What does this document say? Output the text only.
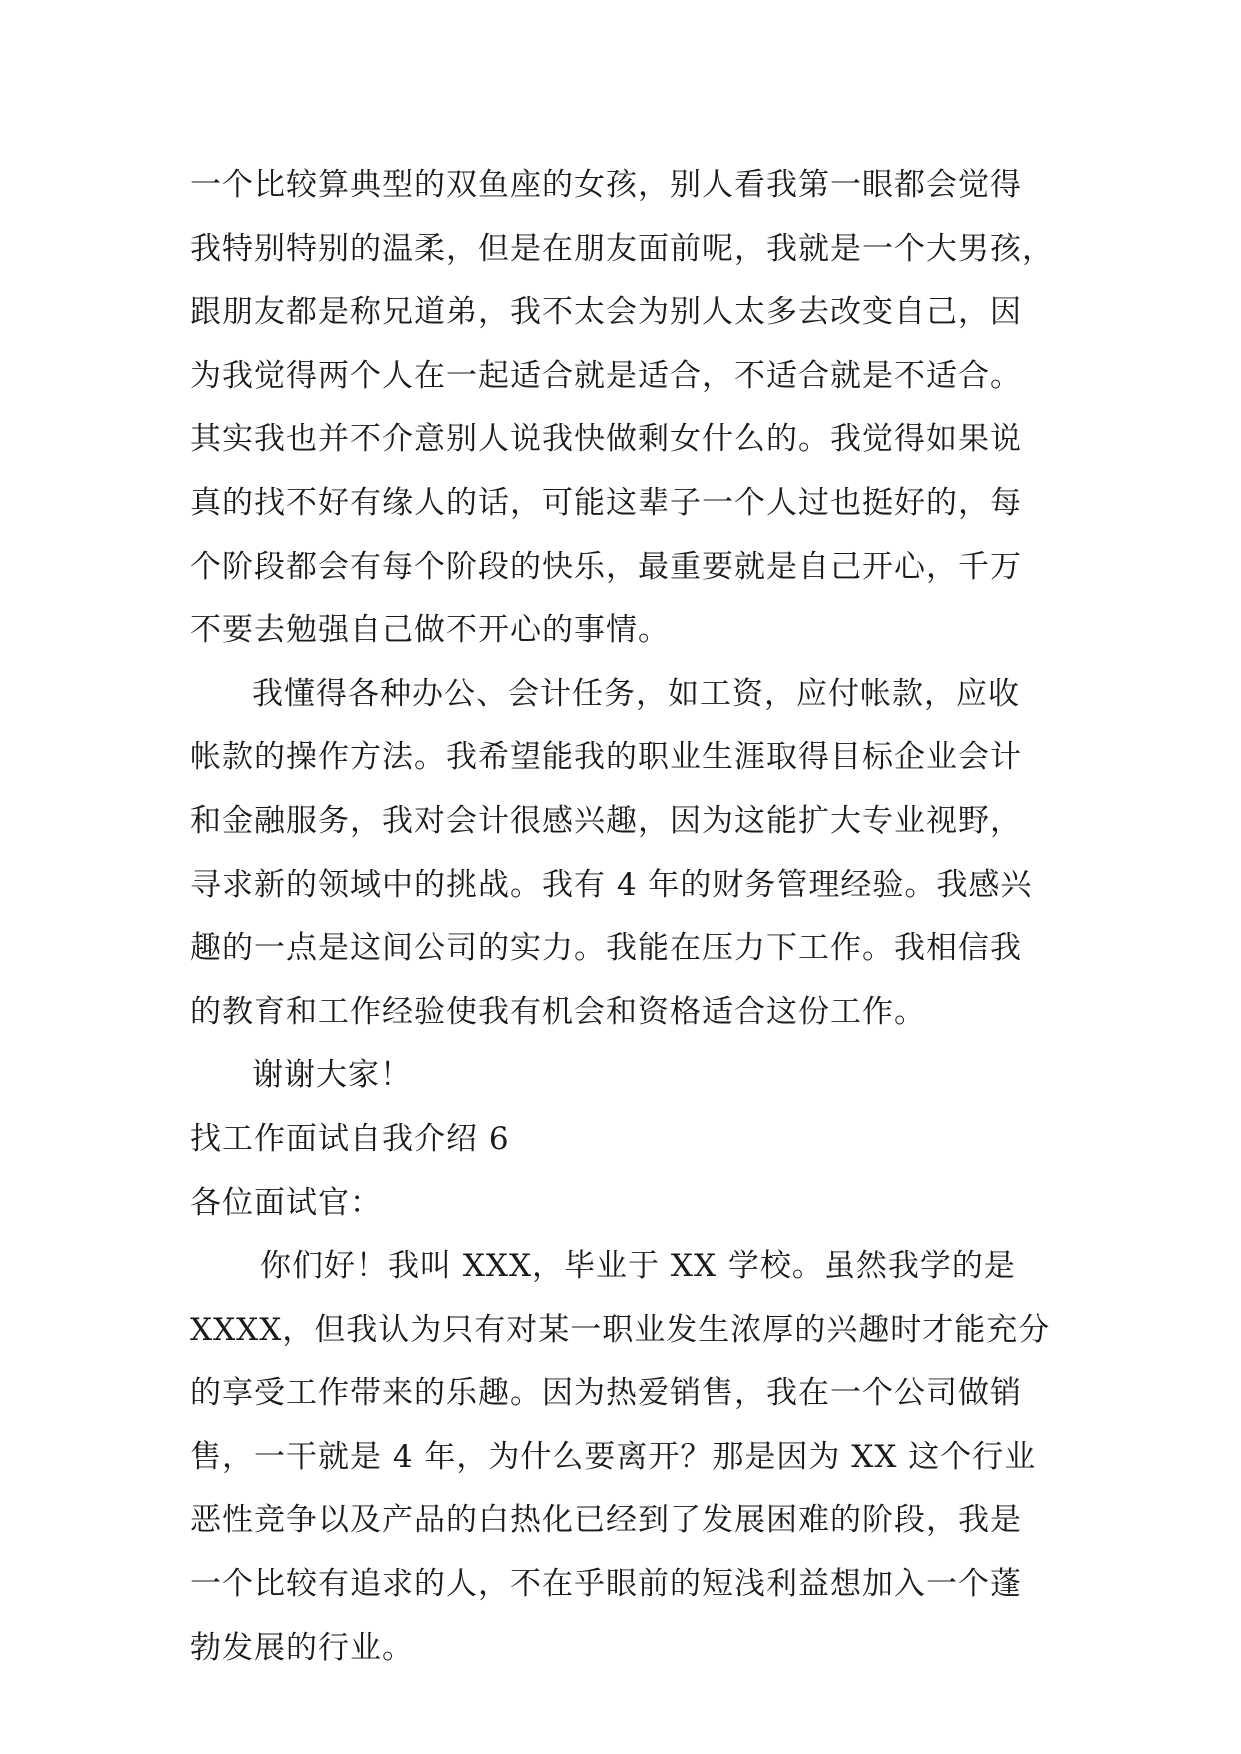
一个比较算典型的双鱼座的女孩，别人看我第一眼都会觉得
我特别特别的温柔，但是在朋友面前呢，我就是一个大男孩，
跟朋友都是称兄道弟，我不太会为别人太多去改变自己，因
为我觉得两个人在一起适合就是适合，不适合就是不适合。
其实我也并不介意别人说我快做剩女什么的。我觉得如果说
真的找不好有缘人的话，可能这辈子一个人过也挺好的，每
个阶段都会有每个阶段的快乐，最重要就是自己开心，千万
不要去勉强自己做不开心的事情。
我懂得各种办公、会计任务，如工资，应付帐款，应收
帐款的操作方法。我希望能我的职业生涯取得目标企业会计
和金融服务，我对会计很感兴趣，因为这能扩大专业视野，
寻求新的领域中的挑战。我有 4 年的财务管理经验。我感兴
趣的一点是这间公司的实力。我能在压力下工作。我相信我
的教育和工作经验使我有机会和资格适合这份工作。
谢谢大家！
找工作面试自我介绍 6
各位面试官：
你们好！我叫 XXX，毕业于 XX 学校。虽然我学的是
XXXX，但我认为只有对某一职业发生浓厚的兴趣时才能充分
的享受工作带来的乐趣。因为热爱销售，我在一个公司做销
售，一干就是 4 年，为什么要离开？那是因为 XX 这个行业
恶性竞争以及产品的白热化已经到了发展困难的阶段，我是
一个比较有追求的人，不在乎眼前的短浅利益想加入一个蓬
勃发展的行业。
